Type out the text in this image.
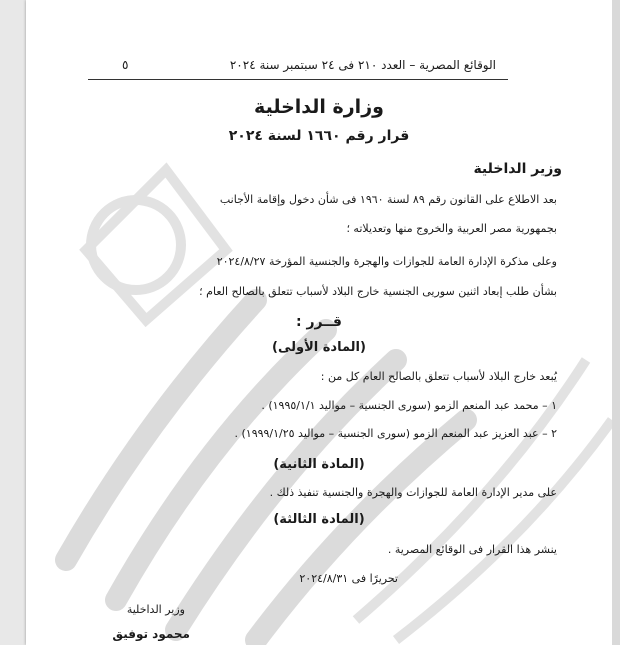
٥	الوقائع المصرية – العدد ٢١٠ فى ٢٤ سبتمبر سنة ٢٠٢٤
وزارة الداخلية
قرار رقم ١٦٦٠ لسنة ٢٠٢٤
وزير الداخلية
بعد الاطلاع على القانون رقم ٨٩ لسنة ١٩٦٠ فى شأن دخول وإقامة الأجانب
بجمهورية مصر العربية والخروج منها وتعديلاته ؛
وعلى مذكرة الإدارة العامة للجوازات والهجرة والجنسية المؤرخة ٢٠٢٤/٨/٢٧
بشأن طلب إبعاد اثنين سوريى الجنسية خارج البلاد لأسباب تتعلق بالصالح العام ؛
قــرر :
(المادة الأولى)
يُبعد خارج البلاد لأسباب تتعلق بالصالح العام كل من :
١ – محمد عبد المنعم الزمو (سورى الجنسية – مواليد ١٩٩٥/١/١) .
٢ – عبد العزيز عبد المنعم الزمو (سورى الجنسية – مواليد ١٩٩٩/١/٢٥) .
(المادة الثانية)
على مدير الإدارة العامة للجوازات والهجرة والجنسية تنفيذ ذلك .
(المادة الثالثة)
ينشر هذا القرار فى الوقائع المصرية .
تحريرًا فى ٢٠٢٤/٨/٣١
وزير الداخلية
محمود توفيق
